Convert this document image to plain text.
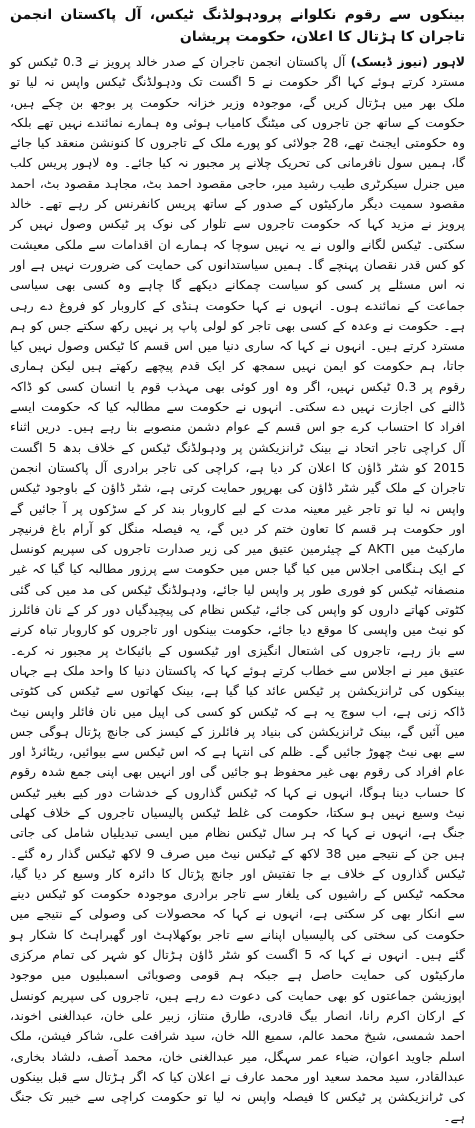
بینکوں سے رقوم نکلوانے پرودہولڈنگ ٹیکس، آل پاکستان انجمن تاجران کا ہڑتال کا اعلان، حکومت پریشان

لاہور (نیوز ڈیسک) آل پاکستان انجمن تاجران کے صدر خالد پرویز نے 0.3 ٹیکس کو مسترد کرتے ہوئے کہا اگر حکومت نے 5 اگست تک ودہولڈنگ ٹیکس واپس نہ لیا تو ملک بھر میں ہڑتال کریں گے، موجودہ وزیر خزانہ حکومت پر بوجھ بن چکے ہیں، حکومت کے ساتھ جن تاجروں کی میٹنگ کامیاب ہوئی وہ ہمارے نمائندے نہیں تھے بلکہ وہ حکومتی ایجنٹ تھے، 28 جولائی کو پورے ملک کے تاجروں کا کنونشن منعقد کیا جائے گا، ہمیں سول نافرمانی کی تحریک چلانے پر مجبور نہ کیا جائے۔ وہ لاہور پریس کلب میں جنرل سیکرٹری طیب رشید میر، حاجی مقصود احمد بٹ، مجاہد مقصود بٹ، احمد مقصود سمیت دیگر مارکیٹوں کے صدور کے ساتھ پریس کانفرنس کر رہے تھے۔ خالد پرویز نے مزید کہا کہ حکومت تاجروں سے تلوار کی نوک پر ٹیکس وصول نہیں کر سکتی۔ ٹیکس لگانے والوں نے یہ نہیں سوچا کہ ہمارے ان اقدامات سے ملکی معیشت کو کس قدر نقصان پہنچے گا۔ ہمیں سیاستدانوں کی حمایت کی ضرورت نہیں ہے اور نہ اس مسئلے پر کسی کو سیاست چمکانے دیکھے گا چاہے وہ کسی بھی سیاسی جماعت کے نمائندے ہوں۔ انہوں نے کہا حکومت ہنڈی کے کاروبار کو فروغ دے رہی ہے۔ حکومت نے وعدہ کے کسی بھی تاجر کو لولی پاپ پر نہیں رکھ سکتے جس کو ہم مسترد کرتے ہیں۔ انہوں نے کہا کہ ساری دنیا میں اس قسم کا ٹیکس وصول نہیں کیا جاتا، ہم حکومت کو ایمن نہیں سمجھ کر ایک قدم پیچھے رکھتے ہیں لیکن ہماری رقوم پر 0.3 ٹیکس نہیں، اگر وہ اور کوئی بھی مہذب قوم یا انسان کسی کو ڈاکہ ڈالنے کی اجازت نہیں دے سکتی۔ انہوں نے حکومت سے مطالبہ کیا کہ حکومت ایسے افراد کا احتساب کرے جو اس قسم کے عوام دشمن منصوبے بنا رہے ہیں۔ دریں اثناء آل کراچی تاجر اتحاد نے بینک ٹرانزیکشن پر ودہولڈنگ ٹیکس کے خلاف بدھ 5 اگست 2015 کو شٹر ڈاؤن کا اعلان کر دیا ہے، کراچی کی تاجر برادری آل پاکستان انجمن تاجران کے ملک گیر شٹر ڈاؤن کی بھرپور حمایت کرتی ہے، شٹر ڈاؤن کے باوجود ٹیکس واپس نہ لیا تو تاجر غیر معینہ مدت کے لیے کاروبار بند کر کے سڑکوں پر آ جائیں گے اور حکومت ہر قسم کا تعاون ختم کر دیں گے، یہ فیصلہ منگل کو آرام باغ فرنیچر مارکیٹ میں AKTI کے چیئرمین عتیق میر کی زیر صدارت تاجروں کی سپریم کونسل کے ایک ہنگامی اجلاس میں کیا گیا جس میں حکومت سے پرزور مطالبہ کیا گیا کہ غیر منصفانہ ٹیکس کو فوری طور پر واپس لیا جائے، ودہولڈنگ ٹیکس کی مد میں کی گئی کٹوتی کھاتے داروں کو واپس کی جائے، ٹیکس نظام کی پیچیدگیاں دور کر کے نان فائلرز کو نیٹ میں واپسی کا موقع دیا جائے، حکومت بینکوں اور تاجروں کو کاروبار تباہ کرنے سے باز رہے، تاجروں کی اشتعال انگیزی اور ٹیکسوں کے بائیکاٹ پر مجبور نہ کرے۔ عتیق میر نے اجلاس سے خطاب کرتے ہوئے کہا کہ پاکستان دنیا کا واحد ملک ہے جہاں بینکوں کی ٹرانزیکشن پر ٹیکس عائد کیا گیا ہے، بینک کھاتوں سے ٹیکس کی کٹوتی ڈاکہ زنی ہے، اب سوچ یہ ہے کہ ٹیکس کو کسی کی اپیل میں نان فائلر واپس نیٹ میں آئیں گے، بینک ٹرانزیکشن کی بنیاد پر فائلرز کے کیسز کی جانچ پڑتال ہوگی جس سے بھی نیٹ چھوڑ جائیں گے۔ ظلم کی انتہا ہے کہ اس ٹیکس سے بیوائیں، ریٹائرڈ اور عام افراد کی رقوم بھی غیر محفوظ ہو جائیں گی اور انہیں بھی اپنی جمع شدہ رقوم کا حساب دینا ہوگا، انہوں نے کہا کہ ٹیکس گذاروں کے خدشات دور کیے بغیر ٹیکس نیٹ وسیع نہیں ہو سکتا، حکومت کی غلط ٹیکس پالیسیاں تاجروں کے خلاف کھلی جنگ ہے، انہوں نے کہا کہ ہر سال ٹیکس نظام میں ایسی تبدیلیاں شامل کی جاتی ہیں جن کے نتیجے میں 38 لاکھ کے ٹیکس نیٹ میں صرف 9 لاکھ ٹیکس گذار رہ گئے۔ ٹیکس گذاروں کے خلاف بے جا تفتیش اور جانچ پڑتال کا دائرہ کار وسیع کر دیا گیا، محکمہ ٹیکس کے راشیوں کی یلغار سے تاجر برادری موجودہ حکومت کو ٹیکس دینے سے انکار بھی کر سکتی ہے، انہوں نے کہا کہ محصولات کی وصولی کے نتیجے میں حکومت کی سختی کی پالیسیاں اپنانے سے تاجر بوکھلاہٹ اور گھبراہٹ کا شکار ہو گئے ہیں۔ انہوں نے کہا کہ 5 اگست کو شٹر ڈاؤن ہڑتال کو شہر کی تمام مرکزی مارکیٹوں کی حمایت حاصل ہے جبکہ ہم قومی وصوبائی اسمبلیوں میں موجود اپوزیشن جماعتوں کو بھی حمایت کی دعوت دے رہے ہیں، تاجروں کی سپریم کونسل کے ارکان اکرم رانا، انصار بیگ قادری، طارق منتاز، زبیر علی خان، عبدالغنی اخوند، احمد شمسی، شیخ محمد عالم، سمیع اللہ خان، سید شرافت علی، شاکر فیشن، ملک اسلم جاوید اعوان، ضیاء عمر سہگل، میر عبدالغنی خان، محمد آصف، دلشاد بخاری، عبدالقادر، سید محمد سعید اور محمد عارف نے اعلان کیا کہ اگر ہڑتال سے قبل بینکوں کی ٹرانزیکشن پر ٹیکس کا فیصلہ واپس نہ لیا تو حکومت کراچی سے خیبر تک جنگ ہے۔
